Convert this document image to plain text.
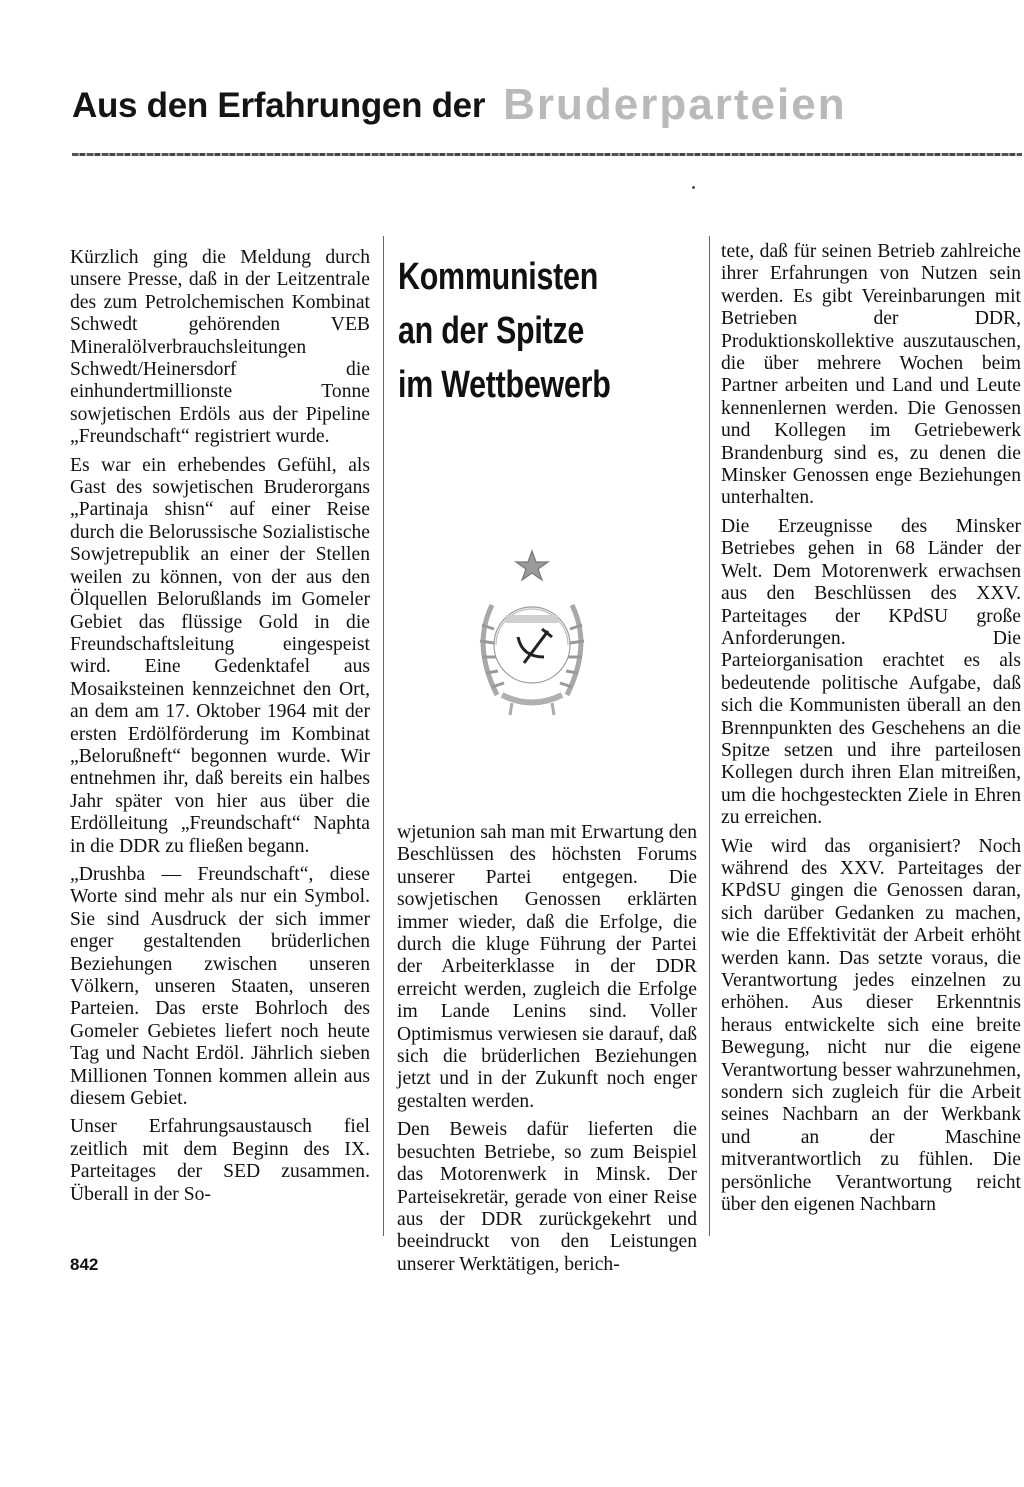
Aus den Erfahrungen der Bruderparteien

Kürzlich ging die Meldung durch unsere Presse, daß in der Leitzentrale des zum Petrolchemischen Kombinat Schwedt gehörenden VEB Mineralölverbrauchsleitungen Schwedt/Heinersdorf die einhundertmillionste Tonne sowjetischen Erdöls aus der Pipeline „Freundschaft“ registriert wurde.

Es war ein erhebendes Gefühl, als Gast des sowjetischen Bruderorgans „Partinaja shisn“ auf einer Reise durch die Belorussische Sozialistische Sowjetrepublik an einer der Stellen weilen zu können, von der aus den Ölquellen Belorußlands im Gomeler Gebiet das flüssige Gold in die Freundschaftsleitung eingespeist wird. Eine Gedenktafel aus Mosaiksteinen kennzeichnet den Ort, an dem am 17. Oktober 1964 mit der ersten Erdölförderung im Kombinat „Belorußneft“ begonnen wurde. Wir entnehmen ihr, daß bereits ein halbes Jahr später von hier aus über die Erdölleitung „Freundschaft“ Naphta in die DDR zu fließen begann.

„Drushba — Freundschaft“, diese Worte sind mehr als nur ein Symbol. Sie sind Ausdruck der sich immer enger gestaltenden brüderlichen Beziehungen zwischen unseren Völkern, unseren Staaten, unseren Parteien. Das erste Bohrloch des Gomeler Gebietes liefert noch heute Tag und Nacht Erdöl. Jährlich sieben Millionen Tonnen kommen allein aus diesem Gebiet.

Unser Erfahrungsaustausch fiel zeitlich mit dem Beginn des IX. Parteitages der SED zusammen. Überall in der So-

Kommunisten
an der Spitze
im Wettbewerb

wjetunion sah man mit Erwartung den Beschlüssen des höchsten Forums unserer Partei entgegen. Die sowjetischen Genossen erklärten immer wieder, daß die Erfolge, die durch die kluge Führung der Partei der Arbeiterklasse in der DDR erreicht werden, zugleich die Erfolge im Lande Lenins sind. Voller Optimismus verwiesen sie darauf, daß sich die brüderlichen Beziehungen jetzt und in der Zukunft noch enger gestalten werden.

Den Beweis dafür lieferten die besuchten Betriebe, so zum Beispiel das Motorenwerk in Minsk. Der Parteisekretär, gerade von einer Reise aus der DDR zurückgekehrt und beeindruckt von den Leistungen unserer Werktätigen, berich-

tete, daß für seinen Betrieb zahlreiche ihrer Erfahrungen von Nutzen sein werden. Es gibt Vereinbarungen mit Betrieben der DDR, Produktionskollektive auszutauschen, die über mehrere Wochen beim Partner arbeiten und Land und Leute kennenlernen werden. Die Genossen und Kollegen im Getriebewerk Brandenburg sind es, zu denen die Minsker Genossen enge Beziehungen unterhalten.

Die Erzeugnisse des Minsker Betriebes gehen in 68 Länder der Welt. Dem Motorenwerk erwachsen aus den Beschlüssen des XXV. Parteitages der KPdSU große Anforderungen. Die Parteiorganisation erachtet es als bedeutende politische Aufgabe, daß sich die Kommunisten überall an den Brennpunkten des Geschehens an die Spitze setzen und ihre parteilosen Kollegen durch ihren Elan mitreißen, um die hochgesteckten Ziele in Ehren zu erreichen.

Wie wird das organisiert? Noch während des XXV. Parteitages der KPdSU gingen die Genossen daran, sich darüber Gedanken zu machen, wie die Effektivität der Arbeit erhöht werden kann. Das setzte voraus, die Verantwortung jedes einzelnen zu erhöhen. Aus dieser Erkenntnis heraus entwickelte sich eine breite Bewegung, nicht nur die eigene Verantwortung besser wahrzunehmen, sondern sich zugleich für die Arbeit seines Nachbarn an der Werkbank und an der Maschine mitverantwortlich zu fühlen. Die persönliche Verantwortung reicht über den eigenen Nachbarn

842
